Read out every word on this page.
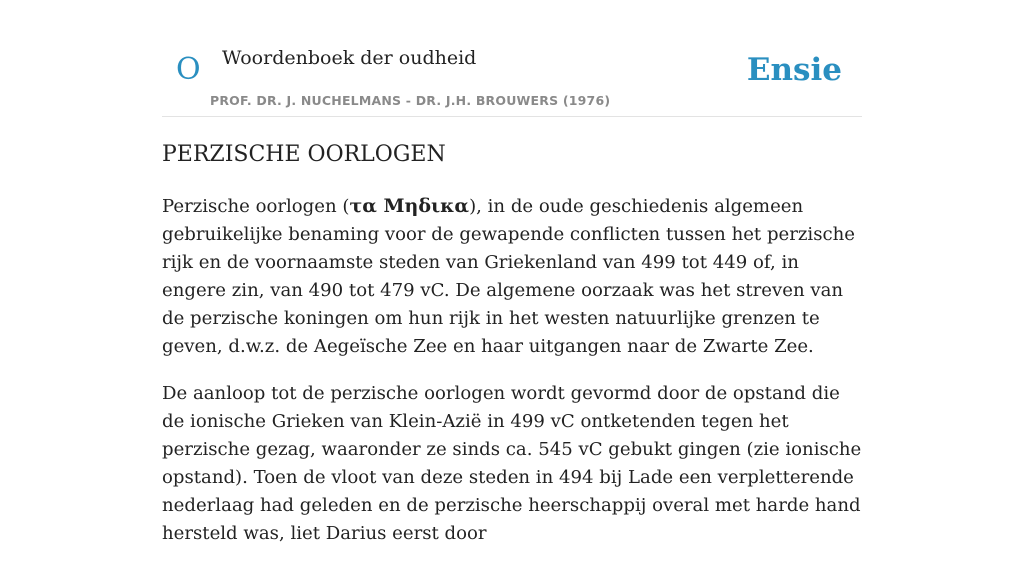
O Woordenboek der oudheid
PROF. DR. J. NUCHELMANS - DR. J.H. BROUWERS (1976)
Ensie
PERZISCHE OORLOGEN

Perzische oorlogen (τα Μηδικα), in de oude geschiedenis algemeen gebruikelijke benaming voor de gewapende conflicten tussen het perzische rijk en de voornaamste steden van Griekenland van 499 tot 449 of, in engere zin, van 490 tot 479 vC. De algemene oorzaak was het streven van de perzische koningen om hun rijk in het westen natuurlijke grenzen te geven, d.w.z. de Aegeïsche Zee en haar uitgangen naar de Zwarte Zee.

De aanloop tot de perzische oorlogen wordt gevormd door de opstand die de ionische Grieken van Klein-Azië in 499 vC ontketenden tegen het perzische gezag, waaronder ze sinds ca. 545 vC gebukt gingen (zie ionische opstand). Toen de vloot van deze steden in 494 bij Lade een verpletterende nederlaag had geleden en de perzische heerschappij overal met harde hand hersteld was, liet Darius eerst door
